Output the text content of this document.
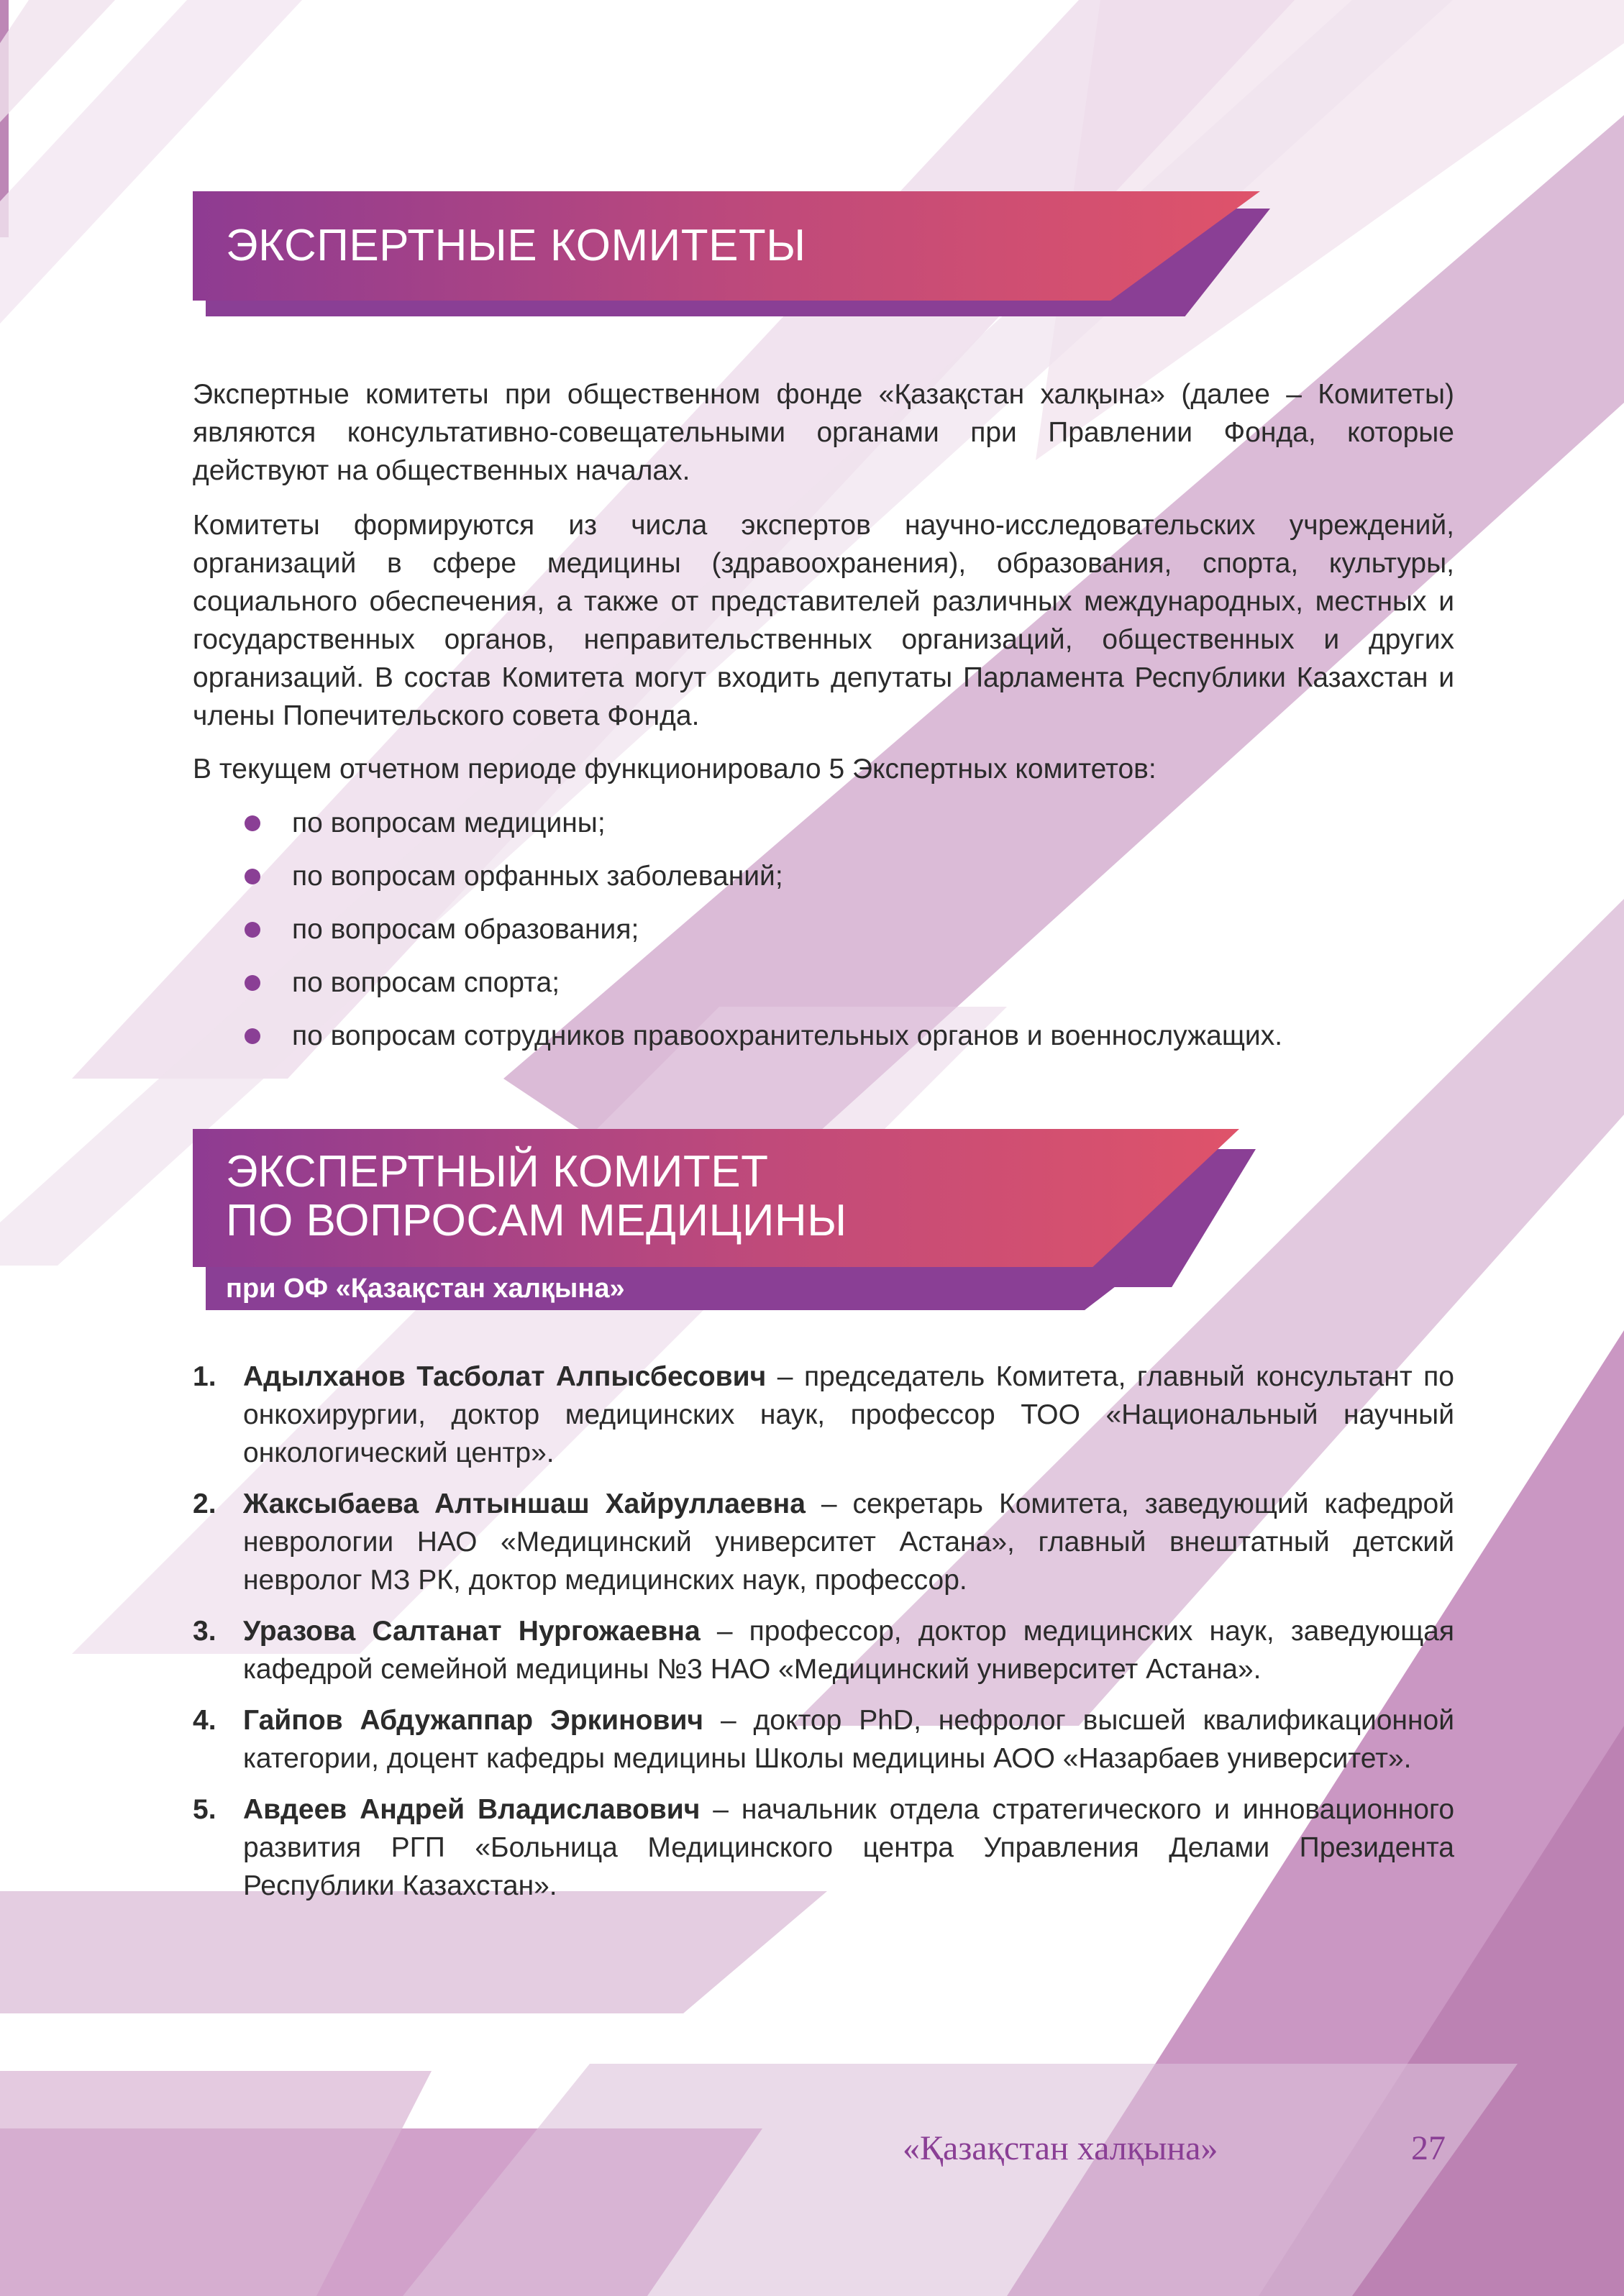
ЭКСПЕРТНЫЕ КОМИТЕТЫ

Экспертные комитеты при общественном фонде «Қазақстан халқына» (далее – Комитеты) являются консультативно-совещательными органами при Правлении Фонда, которые действуют на общественных началах.

Комитеты формируются из числа экспертов научно-исследовательских учреждений, организаций в сфере медицины (здравоохранения), образования, спорта, культуры, социального обеспечения, а также от представителей различных международных, местных и государственных органов, неправительственных организаций, общественных и других организаций. В состав Комитета могут входить депутаты Парламента Республики Казахстан и члены Попечительского совета Фонда.

В текущем отчетном периоде функционировало 5 Экспертных комитетов:

по вопросам медицины;
по вопросам орфанных заболеваний;
по вопросам образования;
по вопросам спорта;
по вопросам сотрудников правоохранительных органов и военнослужащих.
ЭКСПЕРТНЫЙ КОМИТЕТ
ПО ВОПРОСАМ МЕДИЦИНЫ
при ОФ «Қазақстан халқына»
1. Адылханов Тасболат Алпысбесович – председатель Комитета, главный консультант по онкохирургии, доктор медицинских наук, профессор ТОО «Национальный научный онкологический центр».
2. Жаксыбаева Алтыншаш Хайруллаевна – секретарь Комитета, заведующий кафедрой неврологии НАО «Медицинский университет Астана», главный внештатный детский невролог МЗ РК, доктор медицинских наук, профессор.
3. Уразова Салтанат Нургожаевна – профессор, доктор медицинских наук, заведующая кафедрой семейной медицины №3 НАО «Медицинский университет Астана».
4. Гайпов Абдужаппар Эркинович – доктор PhD, нефролог высшей квалификационной категории, доцент кафедры медицины Школы медицины АОО «Назарбаев университет».
5. Авдеев Андрей Владиславович – начальник отдела стратегического и инновационного развития РГП «Больница Медицинского центра Управления Делами Президента Республики Казахстан».
«Қазақстан халқына»	27
